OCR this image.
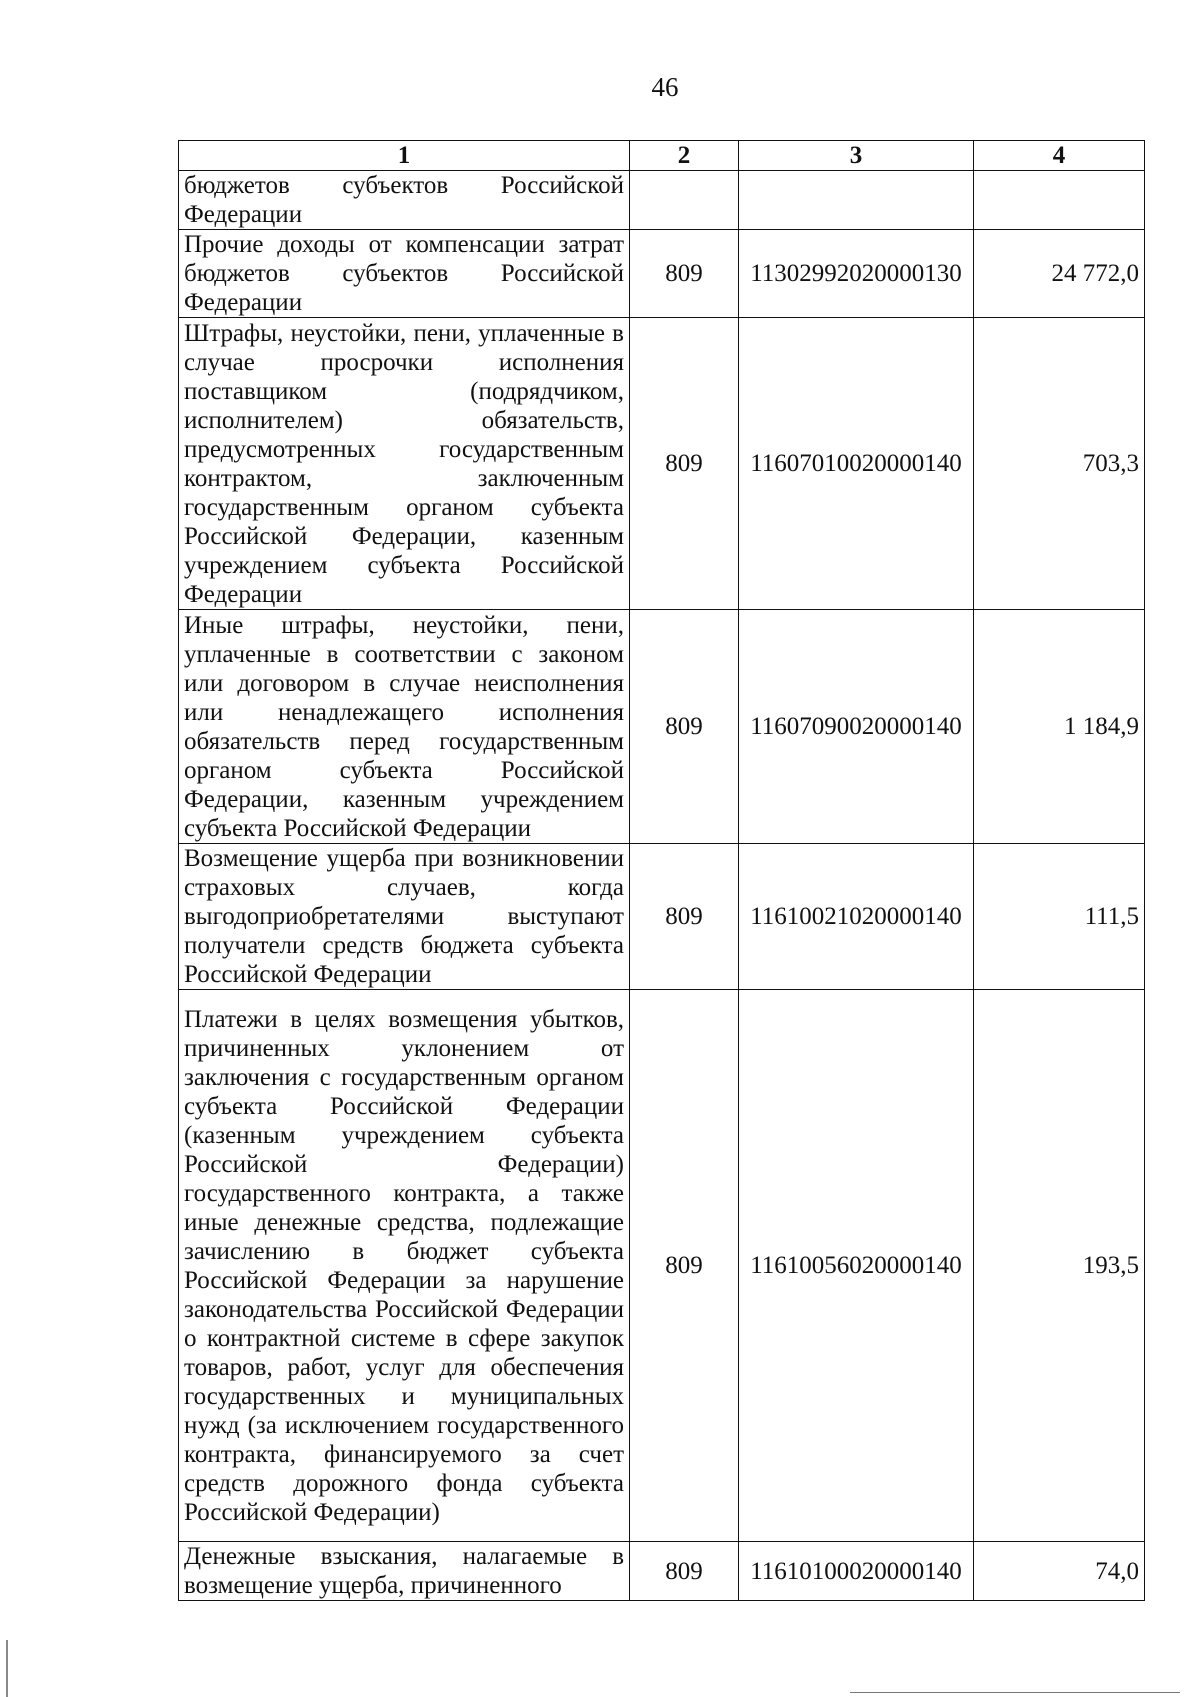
46
1	2	3	4
бюджетов субъектов Российской Федерации			
Прочие доходы от компенсации затрат бюджетов субъектов Российской Федерации	809	11302992020000130	24 772,0
Штрафы, неустойки, пени, уплаченные в случае просрочки исполнения поставщиком (подрядчиком, исполнителем) обязательств, предусмотренных государственным контрактом, заключенным государственным органом субъекта Российской Федерации, казенным учреждением субъекта Российской Федерации	809	11607010020000140	703,3
Иные штрафы, неустойки, пени, уплаченные в соответствии с законом или договором в случае неисполнения или ненадлежащего исполнения обязательств перед государственным органом субъекта Российской Федерации, казенным учреждением субъекта Российской Федерации	809	11607090020000140	1 184,9
Возмещение ущерба при возникновении страховых случаев, когда выгодоприобретателями выступают получатели средств бюджета субъекта Российской Федерации	809	11610021020000140	111,5
Платежи в целях возмещения убытков, причиненных уклонением от заключения с государственным органом субъекта Российской Федерации (казенным учреждением субъекта Российской Федерации) государственного контракта, а также иные денежные средства, подлежащие зачислению в бюджет субъекта Российской Федерации за нарушение законодательства Российской Федерации о контрактной системе в сфере закупок товаров, работ, услуг для обеспечения государственных и муниципальных нужд (за исключением государственного контракта, финансируемого за счет средств дорожного фонда субъекта Российской Федерации)	809	11610056020000140	193,5
Денежные взыскания, налагаемые в возмещение ущерба, причиненного	809	11610100020000140	74,0
